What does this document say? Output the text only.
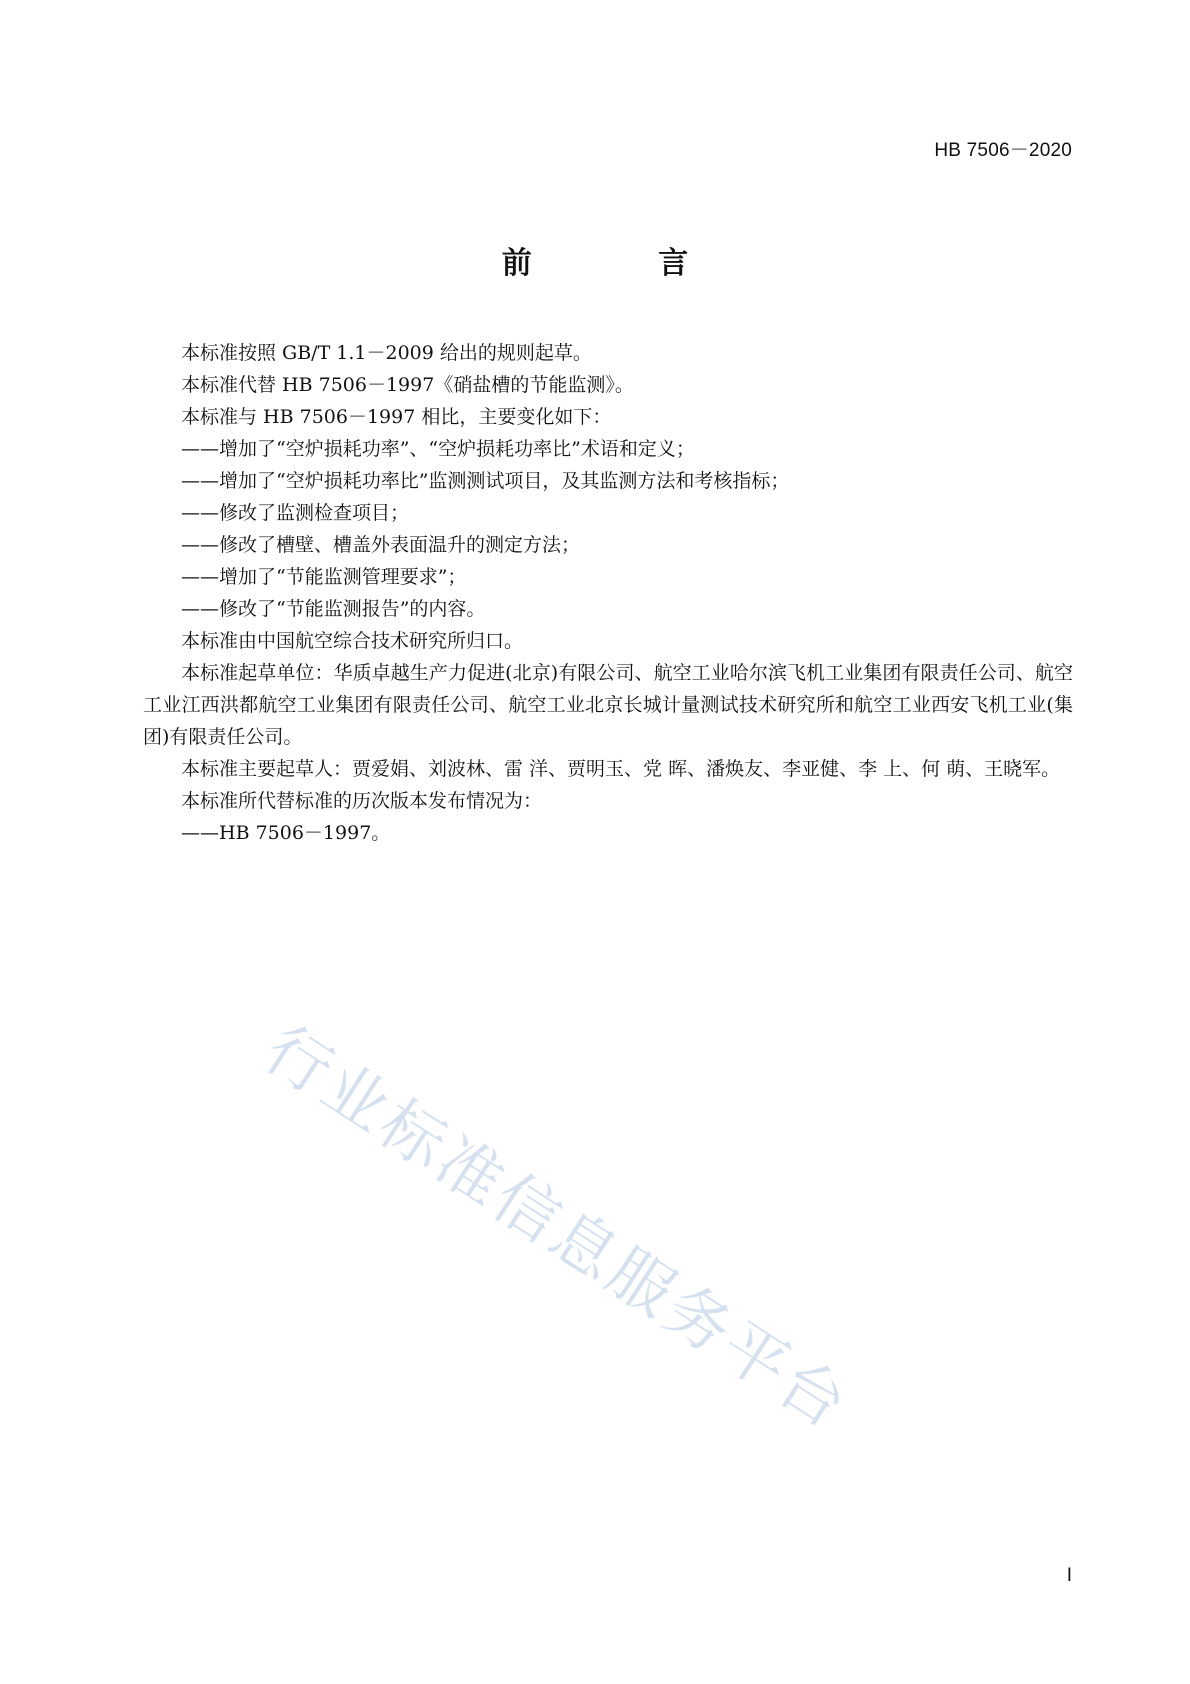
HB 7506－2020
前 言

本标准按照 GB/T 1.1－2009 给出的规则起草。

本标准代替 HB 7506－1997《硝盐槽的节能监测》。

本标准与 HB 7506－1997 相比，主要变化如下：

——增加了“空炉损耗功率”、“空炉损耗功率比”术语和定义；

——增加了“空炉损耗功率比”监测测试项目，及其监测方法和考核指标；

——修改了监测检查项目；

——修改了槽壁、槽盖外表面温升的测定方法；

——增加了“节能监测管理要求”；

——修改了“节能监测报告”的内容。

本标准由中国航空综合技术研究所归口。

本标准起草单位：华质卓越生产力促进(北京)有限公司、航空工业哈尔滨飞机工业集团有限责任公司、航空工业江西洪都航空工业集团有限责任公司、航空工业北京长城计量测试技术研究所和航空工业西安飞机工业(集团)有限责任公司。

本标准主要起草人：贾爱娟、刘波林、雷 洋、贾明玉、党 晖、潘焕友、李亚健、李 上、何 萌、王晓军。

本标准所代替标准的历次版本发布情况为：

——HB 7506－1997。

行业标准信息服务平台
I
